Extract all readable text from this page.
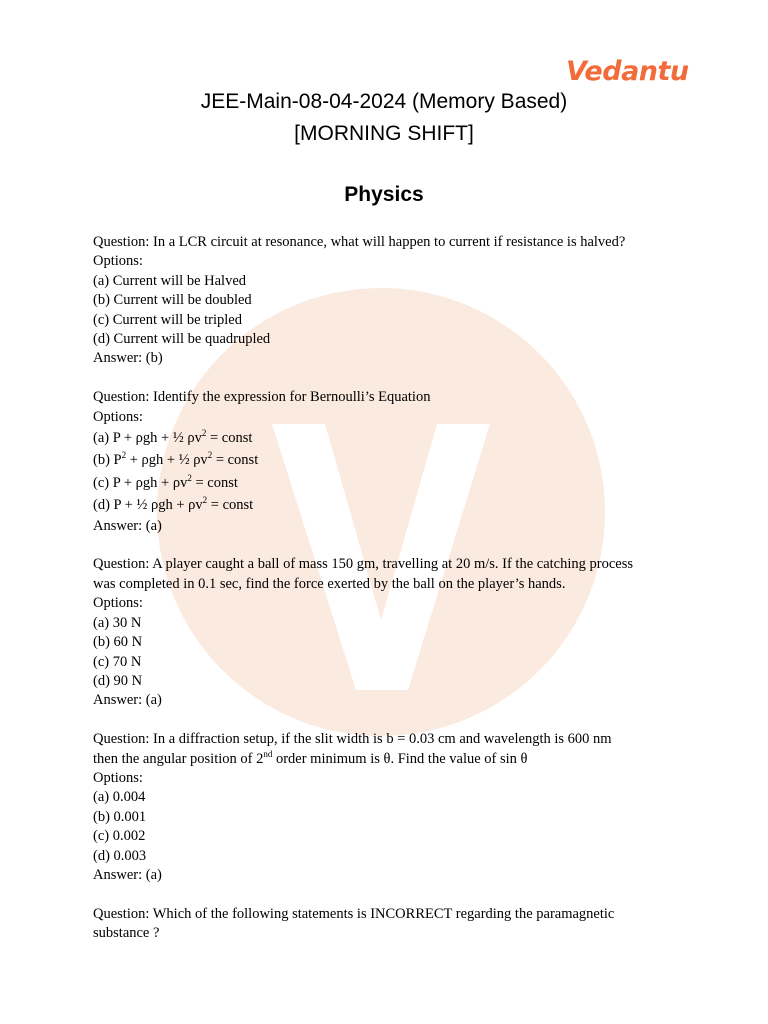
Vedantu
JEE-Main-08-04-2024 (Memory Based)
[MORNING SHIFT]
Physics
Question: In a LCR circuit at resonance, what will happen to current if resistance is halved?
Options:
(a) Current will be Halved
(b) Current will be doubled
(c) Current will be tripled
(d) Current will be quadrupled
Answer: (b)
Question: Identify the expression for Bernoulli’s Equation
Options:
(a) P + ρgh + ½ $\rho v^2$ = const
(b) $P^2 + \rho gh$ + ½ $\rho v^2$ = const
(c) $P + \rho gh + \rho v^2$ = const
(d) P + ½ $\rho gh + \rho v^2$ = const
Answer: (a)
Question: A player caught a ball of mass 150 gm, travelling at 20 m/s. If the catching process
was completed in 0.1 sec, find the force exerted by the ball on the player’s hands.
Options:
(a) 30 N
(b) 60 N
(c) 70 N
(d) 90 N
Answer: (a)
Question: In a diffraction setup, if the slit width is b = 0.03 cm and wavelength is 600 nm
then the angular position of 2nd order minimum is θ. Find the value of sin θ
Options:
(a) 0.004
(b) 0.001
(c) 0.002
(d) 0.003
Answer: (a)
Question: Which of the following statements is INCORRECT regarding the paramagnetic
substance ?
